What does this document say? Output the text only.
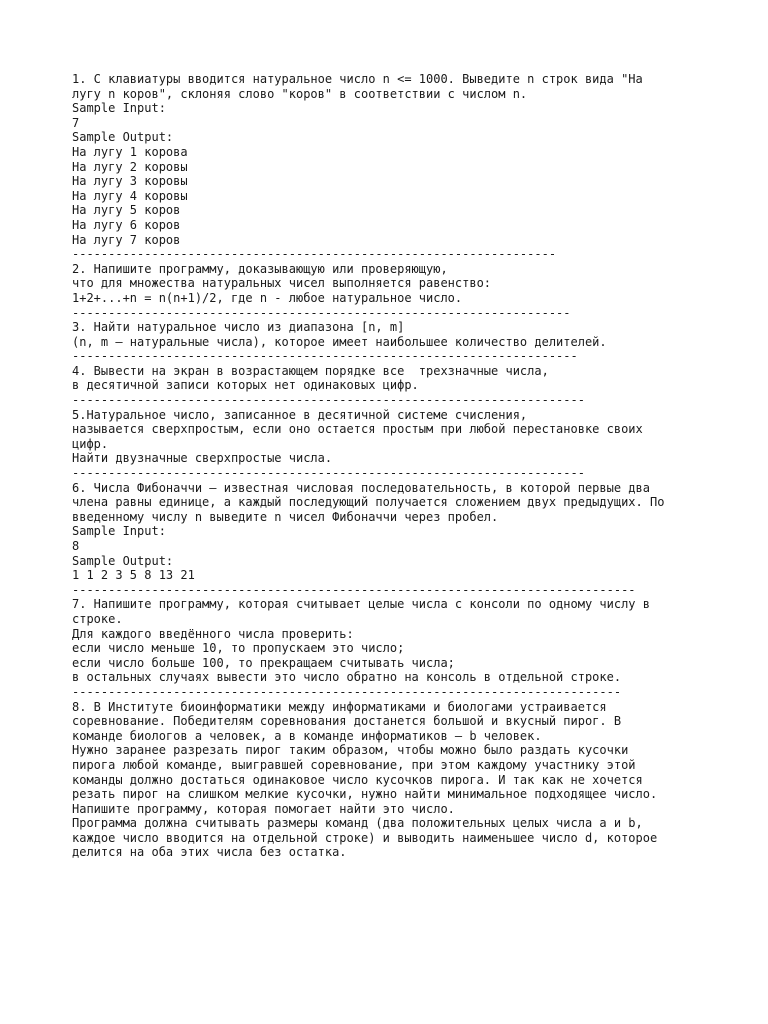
1. С клавиатуры вводится натуральное число n <= 1000. Выведите n строк вида "На
лугу n коров", склоняя слово "коров" в соответствии с числом n.
Sample Input:
7
Sample Output:
На лугу 1 корова
На лугу 2 коровы
На лугу 3 коровы
На лугу 4 коровы
На лугу 5 коров
На лугу 6 коров
На лугу 7 коров
-------------------------------------------------------------------
2. Напишите программу, доказывающую или проверяющую,
что для множества натуральных чисел выполняется равенство:
1+2+...+n = n(n+1)/2, где n - любое натуральное число.
---------------------------------------------------------------------
3. Найти натуральное число из диапазона [n, m]
(n, m – натуральные числа), которое имеет наибольшее количество делителей.
----------------------------------------------------------------------
4. Вывести на экран в возрастающем порядке все  трехзначные числа,
в десятичной записи которых нет одинаковых цифр.
-----------------------------------------------------------------------
5.Натуральное число, записанное в десятичной системе счисления,
называется сверхпростым, если оно остается простым при любой перестановке своих
цифр.
Найти двузначные сверхпростые числа.
-----------------------------------------------------------------------
6. Числа Фибоначчи – известная числовая последовательность, в которой первые два
члена равны единице, а каждый последующий получается сложением двух предыдущих. По
введенному числу n выведите n чисел Фибоначчи через пробел.
Sample Input:
8
Sample Output:
1 1 2 3 5 8 13 21
------------------------------------------------------------------------------
7. Напишите программу, которая считывает целые числа с консоли по одному числу в
строке.
Для каждого введённого числа проверить:
если число меньше 10, то пропускаем это число;
если число больше 100, то прекращаем считывать числа;
в остальных случаях вывести это число обратно на консоль в отдельной строке.
----------------------------------------------------------------------------
8. В Институте биоинформатики между информатиками и биологами устраивается
соревнование. Победителям соревнования достанется большой и вкусный пирог. В
команде биологов a человек, а в команде информатиков — b человек.
Нужно заранее разрезать пирог таким образом, чтобы можно было раздать кусочки
пирога любой команде, выигравшей соревнование, при этом каждому участнику этой
команды должно достаться одинаковое число кусочков пирога. И так как не хочется
резать пирог на слишком мелкие кусочки, нужно найти минимальное подходящее число.
Напишите программу, которая помогает найти это число.
Программа должна считывать размеры команд (два положительных целых числа a и b,
каждое число вводится на отдельной строке) и выводить наименьшее число d, которое
делится на оба этих числа без остатка.
